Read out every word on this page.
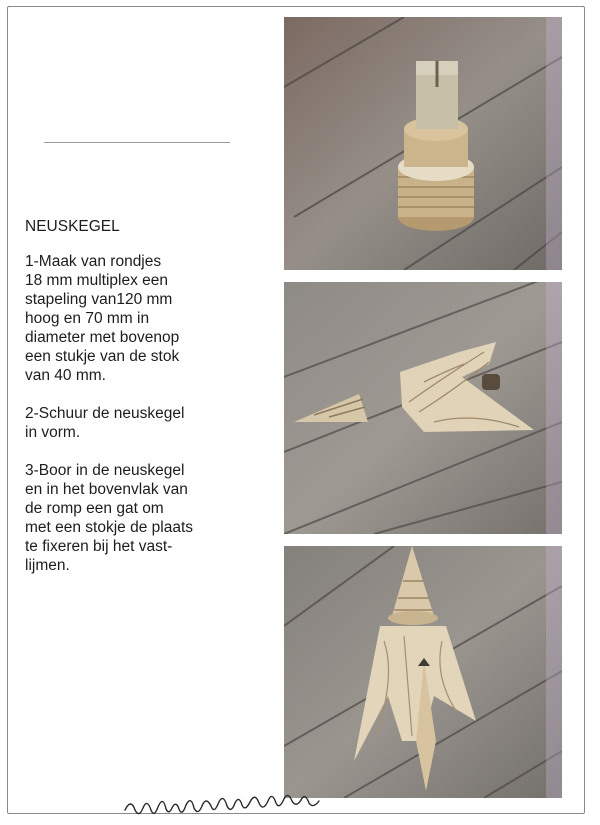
NEUSKEGEL

1-Maak van rondjes
18 mm multiplex een
stapeling van120 mm
hoog en 70 mm in
diameter met bovenop
een stukje van de stok
van 40 mm.

2-Schuur de neuskegel
in vorm.

3-Boor in de neuskegel
en in het bovenvlak van
de romp een gat om
met een stokje de plaats
te fixeren bij het vast-
lijmen.
